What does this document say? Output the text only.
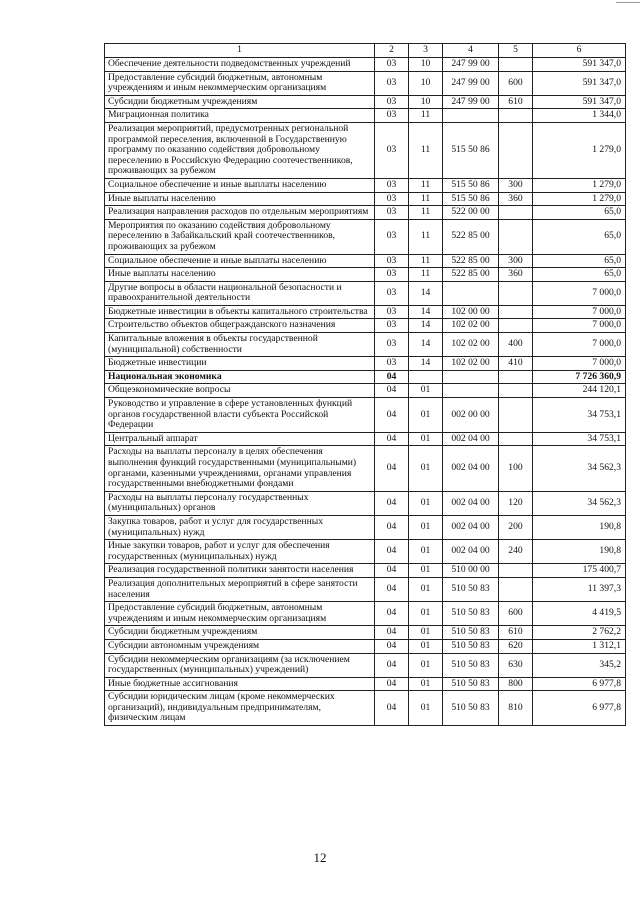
1	2	3	4	5	6
Обеспечение деятельности подведомственных учреждений	03	10	247 99 00		591 347,0
Предоставление субсидий бюджетным, автономным учреждениям и иным некоммерческим организациям	03	10	247 99 00	600	591 347,0
Субсидии бюджетным учреждениям	03	10	247 99 00	610	591 347,0
Миграционная политика	03	11			1 344,0
Реализация мероприятий, предусмотренных региональной программой переселения, включенной в Государственную программу по оказанию содействия добровольному переселению в Российскую Федерацию соотечественников, проживающих за рубежом	03	11	515 50 86		1 279,0
Социальное обеспечение и иные выплаты населению	03	11	515 50 86	300	1 279,0
Иные выплаты населению	03	11	515 50 86	360	1 279,0
Реализация направления расходов по отдельным мероприятиям	03	11	522 00 00		65,0
Мероприятия по оказанию содействия добровольному переселению в Забайкальский край соотечественников, проживающих за рубежом	03	11	522 85 00		65,0
Социальное обеспечение и иные выплаты населению	03	11	522 85 00	300	65,0
Иные выплаты населению	03	11	522 85 00	360	65,0
Другие вопросы в области национальной безопасности и правоохранительной деятельности	03	14			7 000,0
Бюджетные инвестиции в объекты капитального строительства	03	14	102 00 00		7 000,0
Строительство объектов общегражданского назначения	03	14	102 02 00		7 000,0
Капитальные вложения в объекты государственной (муниципальной) собственности	03	14	102 02 00	400	7 000,0
Бюджетные инвестиции	03	14	102 02 00	410	7 000,0
Национальная экономика	04				7 726 360,9
Общеэкономические вопросы	04	01			244 120,1
Руководство и управление в сфере установленных функций органов государственной власти субъекта Российской Федерации	04	01	002 00 00		34 753,1
Центральный аппарат	04	01	002 04 00		34 753,1
Расходы на выплаты персоналу в целях обеспечения выполнения функций государственными (муниципальными) органами, казенными учреждениями, органами управления государственными внебюджетными фондами	04	01	002 04 00	100	34 562,3
Расходы на выплаты персоналу государственных (муниципальных) органов	04	01	002 04 00	120	34 562,3
Закупка товаров, работ и услуг для государственных (муниципальных) нужд	04	01	002 04 00	200	190,8
Иные закупки товаров, работ и услуг для обеспечения государственных (муниципальных) нужд	04	01	002 04 00	240	190,8
Реализация государственной политики занятости населения	04	01	510 00 00		175 400,7
Реализация дополнительных мероприятий в сфере занятости населения	04	01	510 50 83		11 397,3
Предоставление субсидий бюджетным, автономным учреждениям и иным некоммерческим организациям	04	01	510 50 83	600	4 419,5
Субсидии бюджетным учреждениям	04	01	510 50 83	610	2 762,2
Субсидии автономным учреждениям	04	01	510 50 83	620	1 312,1
Субсидии некоммерческим организациям (за исключением государственных (муниципальных) учреждений)	04	01	510 50 83	630	345,2
Иные бюджетные ассигнования	04	01	510 50 83	800	6 977,8
Субсидии юридическим лицам (кроме некоммерческих организаций), индивидуальным предпринимателям, физическим лицам	04	01	510 50 83	810	6 977,8
12
